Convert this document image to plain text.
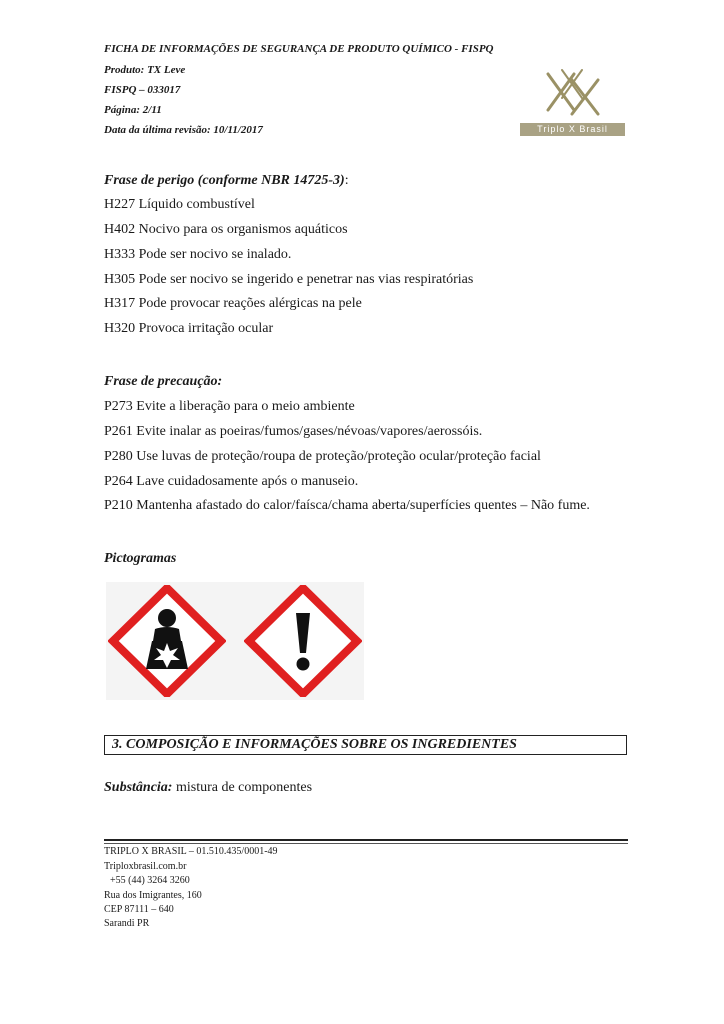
FICHA DE INFORMAÇÕES DE SEGURANÇA DE PRODUTO QUÍMICO - FISPQ
Produto: TX Leve
FISPQ – 033017
Página: 2/11
Data da última revisão: 10/11/2017	Triplo X Brasil
Frase de perigo (conforme NBR 14725-3):
H227 Líquido combustível
H402 Nocivo para os organismos aquáticos
H333 Pode ser nocivo se inalado.
H305 Pode ser nocivo se ingerido e penetrar nas vias respiratórias
H317 Pode provocar reações alérgicas na pele
H320 Provoca irritação ocular
Frase de precaução:
P273 Evite a liberação para o meio ambiente
P261 Evite inalar as poeiras/fumos/gases/névoas/vapores/aerossóis.
P280 Use luvas de proteção/roupa de proteção/proteção ocular/proteção facial
P264 Lave cuidadosamente após o manuseio.
P210 Mantenha afastado do calor/faísca/chama aberta/superfícies quentes – Não fume.
Pictogramas
3. COMPOSIÇÃO E INFORMAÇÕES SOBRE OS INGREDIENTES
Substância: mistura de componentes
TRIPLO X BRASIL – 01.510.435/0001-49
Triploxbrasil.com.br
+55 (44) 3264 3260
Rua dos Imigrantes, 160
CEP 87111 – 640
Sarandi PR
